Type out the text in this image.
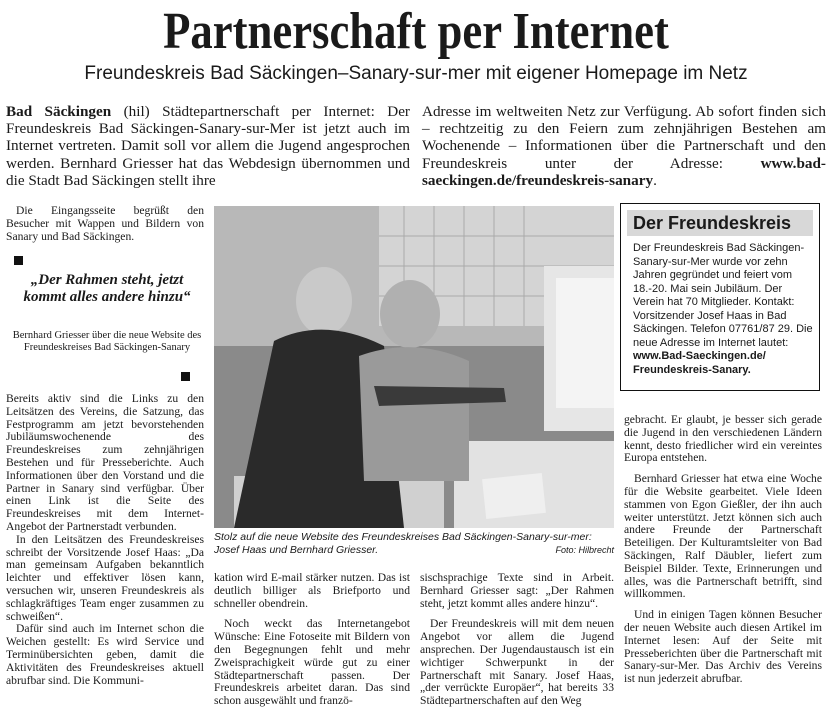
Partnerschaft per Internet
Freundeskreis Bad Säckingen–Sanary-sur-mer mit eigener Homepage im Netz

Bad Säckingen (hil) Städtepartnerschaft per Internet: Der Freundeskreis Bad Säckingen-Sanary-sur-Mer ist jetzt auch im Internet vertreten. Damit soll vor allem die Jugend angesprochen werden. Bernhard Griesser hat das Webdesign übernommen und die Stadt Bad Säckingen stellt ihre

Adresse im weltweiten Netz zur Verfügung. Ab sofort finden sich – rechtzeitig zu den Feiern zum zehnjährigen Bestehen am Wochenende – Informationen über die Partnerschaft und den Freundeskreis unter der Adresse: www.bad-saeckingen.de/freundeskreis-sanary.

Die Eingangsseite begrüßt den Besucher mit Wappen und Bildern von Sanary und Bad Säckingen.

„Der Rahmen steht, jetzt kommt alles andere hinzu“
Bernhard Griesser über die neue Website des Freundeskreises Bad Säckingen-Sanary

Bereits aktiv sind die Links zu den Leitsätzen des Vereins, die Satzung, das Festprogramm am jetzt bevorstehenden Jubiläumswochenende des Freundeskreises zum zehnjährigen Bestehen und für Presseberichte. Auch Informationen über den Vorstand und die Partner in Sanary sind verfügbar. Über einen Link ist die Seite des Freundeskreises mit dem Internet-Angebot der Partnerstadt verbunden.

In den Leitsätzen des Freundeskreises schreibt der Vorsitzende Josef Haas: „Da man gemeinsam Aufgaben bekanntlich leichter und effektiver lösen kann, versuchen wir, unseren Freundeskreis als schlagkräftiges Team enger zusammen zu schweißen“.

Dafür sind auch im Internet schon die Weichen gestellt: Es wird Service und Terminübersichten geben, damit die Aktivitäten des Freundeskreises aktuell abrufbar sind. Die Kommuni-

Stolz auf die neue Website des Freundeskreises Bad Säckingen-Sanary-sur-mer: Josef Haas und Bernhard Griesser.	Foto: Hilbrecht

kation wird E-mail stärker nutzen. Das ist deutlich billiger als Briefporto und schneller obendrein.

Noch weckt das Internetangebot Wünsche: Eine Fotoseite mit Bildern von den Begegnungen fehlt und mehr Zweisprachigkeit würde gut zu einer Städtepartnerschaft passen. Der Freundeskreis arbeitet daran. Das sind schon ausgewählt und franzö-

sischsprachige Texte sind in Arbeit. Bernhard Griesser sagt: „Der Rahmen steht, jetzt kommt alles andere hinzu“.

Der Freundeskreis will mit dem neuen Angebot vor allem die Jugend ansprechen. Der Jugendaustausch ist ein wichtiger Schwerpunkt in der Partnerschaft mit Sanary. Josef Haas, „der verrückte Europäer“, hat bereits 33 Städtepartnerschaften auf den Weg

Der Freundeskreis
Der Freundeskreis Bad Säckingen-Sanary-sur-Mer wurde vor zehn Jahren gegründet und feiert vom 18.-20. Mai sein Jubiläum. Der Verein hat 70 Mitglieder. Kontakt: Vorsitzender Josef Haas in Bad Säckingen. Telefon 07761/87 29. Die neue Adresse im Internet lautet:
www.Bad-Saeckingen.de/ Freundeskreis-Sanary.

gebracht. Er glaubt, je besser sich gerade die Jugend in den verschiedenen Ländern kennt, desto friedlicher wird ein vereintes Europa entstehen.

Bernhard Griesser hat etwa eine Woche für die Website gearbeitet. Viele Ideen stammen von Egon Gießler, der ihn auch weiter unterstützt. Jetzt können sich auch andere Freunde der Partnerschaft Beteiligen. Der Kulturamtsleiter von Bad Säckingen, Ralf Däubler, liefert zum Beispiel Bilder. Texte, Erinnerungen und alles, was die Partnerschaft betrifft, sind willkommen.

Und in einigen Tagen können Besucher der neuen Website auch diesen Artikel im Internet lesen: Auf der Seite mit Presseberichten über die Partnerschaft mit Sanary-sur-Mer. Das Archiv des Vereins ist nun jederzeit abrufbar.
